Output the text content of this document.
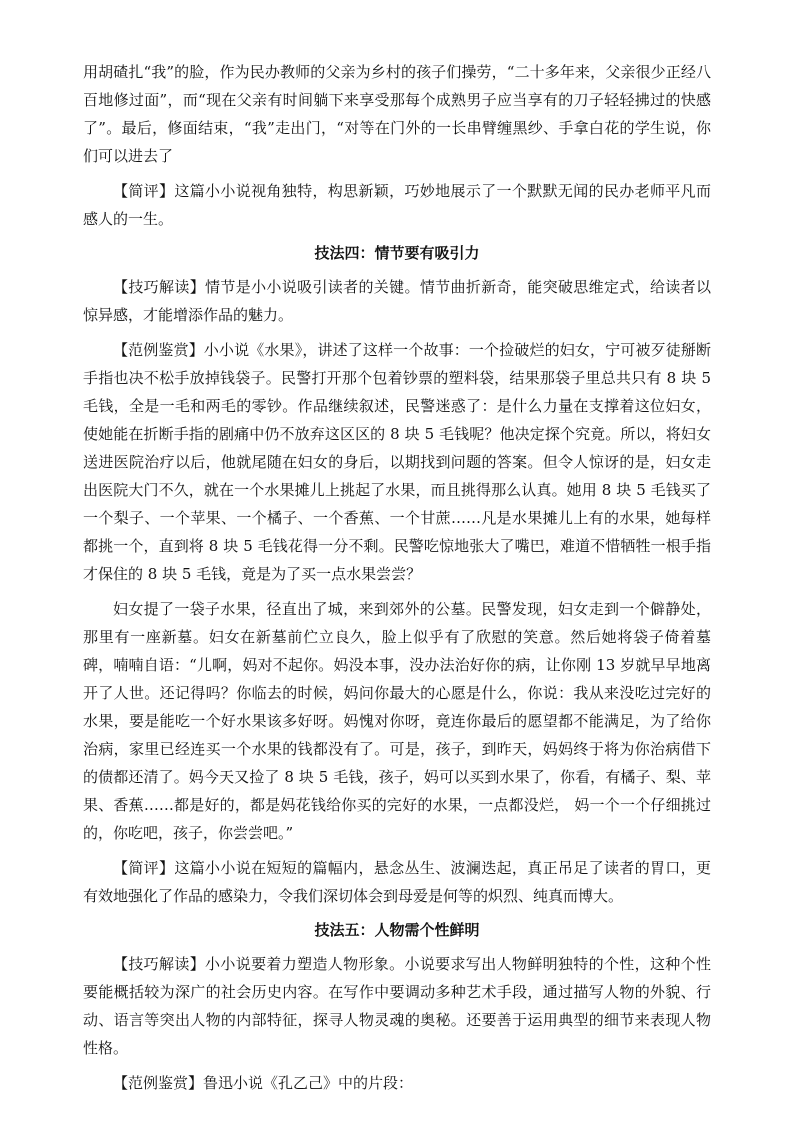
用胡碴扎“我”的脸，作为民办教师的父亲为乡村的孩子们操劳，“二十多年来，父亲很少正经八百地修过面”，而“现在父亲有时间躺下来享受那每个成熟男子应当享有的刀子轻轻拂过的快感了”。最后，修面结束，“我”走出门，“对等在门外的一长串臂缠黑纱、手拿白花的学生说，你们可以进去了

【简评】这篇小小说视角独特，构思新颖，巧妙地展示了一个默默无闻的民办老师平凡而感人的一生。

技法四：情节要有吸引力

【技巧解读】情节是小小说吸引读者的关键。情节曲折新奇，能突破思维定式，给读者以惊异感，才能增添作品的魅力。

【范例鉴赏】小小说《水果》，讲述了这样一个故事：一个捡破烂的妇女，宁可被歹徒掰断手指也决不松手放掉钱袋子。民警打开那个包着钞票的塑料袋，结果那袋子里总共只有 8 块 5 毛钱，全是一毛和两毛的零钞。作品继续叙述，民警迷惑了：是什么力量在支撑着这位妇女，使她能在折断手指的剧痛中仍不放弃这区区的 8 块 5 毛钱呢？他决定探个究竟。所以，将妇女送进医院治疗以后，他就尾随在妇女的身后，以期找到问题的答案。但令人惊讶的是，妇女走出医院大门不久，就在一个水果摊儿上挑起了水果，而且挑得那么认真。她用 8 块 5 毛钱买了一个梨子、一个苹果、一个橘子、一个香蕉、一个甘蔗……凡是水果摊儿上有的水果，她每样都挑一个，直到将 8 块 5 毛钱花得一分不剩。民警吃惊地张大了嘴巴，难道不惜牺牲一根手指才保住的 8 块 5 毛钱，竟是为了买一点水果尝尝？

妇女提了一袋子水果，径直出了城，来到郊外的公墓。民警发现，妇女走到一个僻静处，那里有一座新墓。妇女在新墓前伫立良久，脸上似乎有了欣慰的笑意。然后她将袋子倚着墓碑，喃喃自语：“儿啊，妈对不起你。妈没本事，没办法治好你的病，让你刚 13 岁就早早地离开了人世。还记得吗？你临去的时候，妈问你最大的心愿是什么，你说：我从来没吃过完好的水果，要是能吃一个好水果该多好呀。妈愧对你呀，竟连你最后的愿望都不能满足，为了给你治病，家里已经连买一个水果的钱都没有了。可是，孩子，到昨天，妈妈终于将为你治病借下的债都还清了。妈今天又捡了 8 块 5 毛钱，孩子，妈可以买到水果了，你看，有橘子、梨、苹果、香蕉……都是好的，都是妈花钱给你买的完好的水果，一点都没烂， 妈一个一个仔细挑过的，你吃吧，孩子，你尝尝吧。”

【简评】这篇小小说在短短的篇幅内，悬念丛生、波澜迭起，真正吊足了读者的胃口，更有效地强化了作品的感染力，令我们深切体会到母爱是何等的炽烈、纯真而博大。

技法五：人物需个性鲜明

【技巧解读】小小说要着力塑造人物形象。小说要求写出人物鲜明独特的个性，这种个性要能概括较为深广的社会历史内容。在写作中要调动多种艺术手段，通过描写人物的外貌、行动、语言等突出人物的内部特征，探寻人物灵魂的奥秘。还要善于运用典型的细节来表现人物性格。

【范例鉴赏】鲁迅小说《孔乙己》中的片段：
